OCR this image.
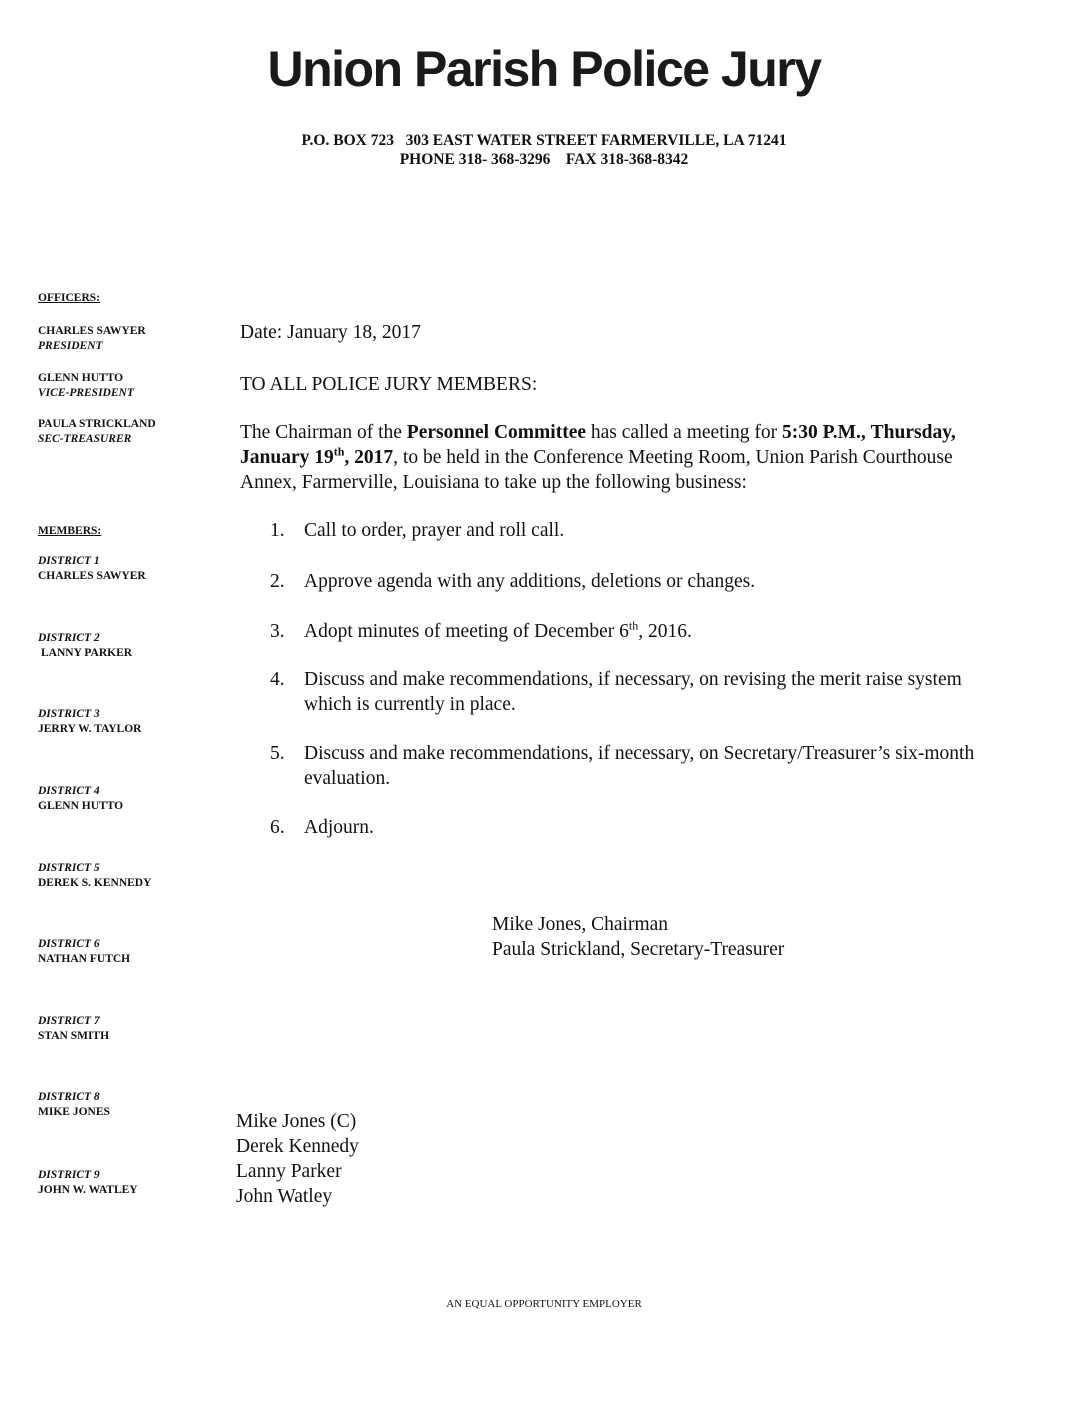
Union Parish Police Jury
P.O. BOX 723   303 EAST WATER STREET FARMERVILLE, LA 71241
PHONE 318- 368-3296    FAX 318-368-8342
OFFICERS:
CHARLES SAWYER
PRESIDENT
GLENN HUTTO
VICE-PRESIDENT
PAULA STRICKLAND
SEC-TREASURER
MEMBERS:
DISTRICT 1
CHARLES SAWYER
DISTRICT 2
LANNY PARKER
DISTRICT 3
JERRY W. TAYLOR
DISTRICT 4
GLENN HUTTO
DISTRICT 5
DEREK S. KENNEDY
DISTRICT 6
NATHAN FUTCH
DISTRICT 7
STAN SMITH
DISTRICT 8
MIKE JONES
DISTRICT 9
JOHN W. WATLEY
Date: January 18, 2017
TO ALL POLICE JURY MEMBERS:
The Chairman of the Personnel Committee has called a meeting for 5:30 P.M., Thursday, January 19th, 2017, to be held in the Conference Meeting Room, Union Parish Courthouse Annex, Farmerville, Louisiana to take up the following business:
1. Call to order, prayer and roll call.
2. Approve agenda with any additions, deletions or changes.
3. Adopt minutes of meeting of December 6th, 2016.
4. Discuss and make recommendations, if necessary, on revising the merit raise system which is currently in place.
5. Discuss and make recommendations, if necessary, on Secretary/Treasurer’s six-month evaluation.
6. Adjourn.
Mike Jones, Chairman
Paula Strickland, Secretary-Treasurer
Mike Jones (C)
Derek Kennedy
Lanny Parker
John Watley
AN EQUAL OPPORTUNITY EMPLOYER
